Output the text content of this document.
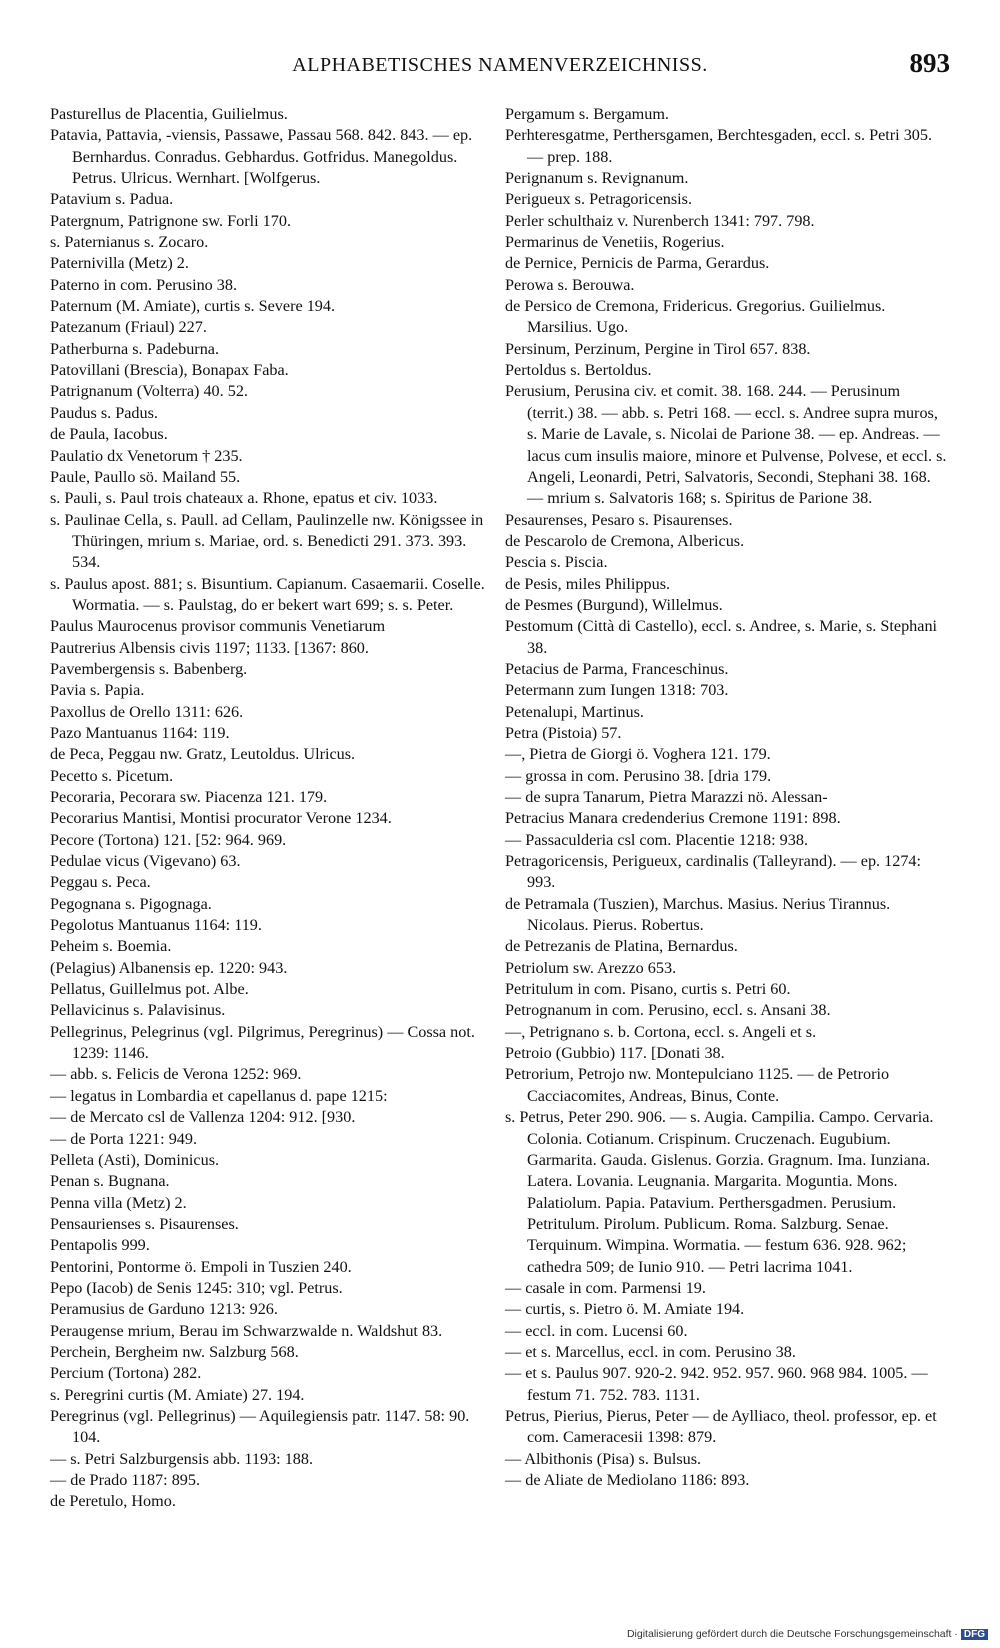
ALPHABETISCHES NAMENVERZEICHNISS.	893

Pasturellus de Placentia, Guilielmus.

Patavia, Pattavia, -viensis, Passawe, Passau 568. 842. 843. — ep. Bernhardus. Conradus. Gebhardus. Gotfridus. Manegoldus. Petrus. Ulricus. Wernhart. [Wolfgerus.

Patavium s. Padua.

Patergnum, Patrignone sw. Forli 170.

s. Paternianus s. Zocaro.

Paternivilla (Metz) 2.

Paterno in com. Perusino 38.

Paternum (M. Amiate), curtis s. Severe 194.

Patezanum (Friaul) 227.

Patherburna s. Padeburna.

Patovillani (Brescia), Bonapax Faba.

Patrignanum (Volterra) 40. 52.

Paudus s. Padus.

de Paula, Iacobus.

Paulatio dx Venetorum † 235.

Paule, Paullo sö. Mailand 55.

s. Pauli, s. Paul trois chateaux a. Rhone, epatus et civ. 1033.

s. Paulinae Cella, s. Paull. ad Cellam, Paulinzelle nw. Königssee in Thüringen, mrium s. Mariae, ord. s. Benedicti 291. 373. 393. 534.

s. Paulus apost. 881; s. Bisuntium. Capianum. Casaemarii. Coselle. Wormatia. — s. Paulstag, do er bekert wart 699; s. s. Peter.

Paulus Maurocenus provisor communis Venetiarum

Pautrerius Albensis civis 1197; 1133. [1367: 860.

Pavembergensis s. Babenberg.

Pavia s. Papia.

Paxollus de Orello 1311: 626.

Pazo Mantuanus 1164: 119.

de Peca, Peggau nw. Gratz, Leutoldus. Ulricus.

Pecetto s. Picetum.

Pecoraria, Pecorara sw. Piacenza 121. 179.

Pecorarius Mantisi, Montisi procurator Verone 1234.

Pecore (Tortona) 121. [52: 964. 969.

Pedulae vicus (Vigevano) 63.

Peggau s. Peca.

Pegognana s. Pigognaga.

Pegolotus Mantuanus 1164: 119.

Peheim s. Boemia.

(Pelagius) Albanensis ep. 1220: 943.

Pellatus, Guillelmus pot. Albe.

Pellavicinus s. Palavisinus.

Pellegrinus, Pelegrinus (vgl. Pilgrimus, Peregrinus) — Cossa not. 1239: 1146.

— abb. s. Felicis de Verona 1252: 969.

— legatus in Lombardia et capellanus d. pape 1215:

— de Mercato csl de Vallenza 1204: 912. [930.

— de Porta 1221: 949.

Pelleta (Asti), Dominicus.

Penan s. Bugnana.

Penna villa (Metz) 2.

Pensaurienses s. Pisaurenses.

Pentapolis 999.

Pentorini, Pontorme ö. Empoli in Tuszien 240.

Pepo (Iacob) de Senis 1245: 310; vgl. Petrus.

Peramusius de Garduno 1213: 926.

Peraugense mrium, Berau im Schwarzwalde n. Waldshut 83.

Perchein, Bergheim nw. Salzburg 568.

Percium (Tortona) 282.

s. Peregrini curtis (M. Amiate) 27. 194.

Peregrinus (vgl. Pellegrinus) — Aquilegiensis patr. 1147. 58: 90. 104.

— s. Petri Salzburgensis abb. 1193: 188.

— de Prado 1187: 895.

de Peretulo, Homo.

Pergamum s. Bergamum.

Perhteresgatme, Perthersgamen, Berchtesgaden, eccl. s. Petri 305. — prep. 188.

Perignanum s. Revignanum.

Perigueux s. Petragoricensis.

Perler schulthaiz v. Nurenberch 1341: 797. 798.

Permarinus de Venetiis, Rogerius.

de Pernice, Pernicis de Parma, Gerardus.

Perowa s. Berouwa.

de Persico de Cremona, Fridericus. Gregorius. Guilielmus. Marsilius. Ugo.

Persinum, Perzinum, Pergine in Tirol 657. 838.

Pertoldus s. Bertoldus.

Perusium, Perusina civ. et comit. 38. 168. 244. — Perusinum (territ.) 38. — abb. s. Petri 168. — eccl. s. Andree supra muros, s. Marie de Lavale, s. Nicolai de Parione 38. — ep. Andreas. — lacus cum insulis maiore, minore et Pulvense, Polvese, et eccl. s. Angeli, Leonardi, Petri, Salvatoris, Secondi, Stephani 38. 168. — mrium s. Salvatoris 168; s. Spiritus de Parione 38.

Pesaurenses, Pesaro s. Pisaurenses.

de Pescarolo de Cremona, Albericus.

Pescia s. Piscia.

de Pesis, miles Philippus.

de Pesmes (Burgund), Willelmus.

Pestomum (Città di Castello), eccl. s. Andree, s. Marie, s. Stephani 38.

Petacius de Parma, Franceschinus.

Petermann zum Iungen 1318: 703.

Petenalupi, Martinus.

Petra (Pistoia) 57.

—, Pietra de Giorgi ö. Voghera 121. 179.

— grossa in com. Perusino 38. [dria 179.

— de supra Tanarum, Pietra Marazzi nö. Alessan-

Petracius Manara credenderius Cremone 1191: 898.

— Passaculderia csl com. Placentie 1218: 938.

Petragoricensis, Perigueux, cardinalis (Talleyrand). — ep. 1274: 993.

de Petramala (Tuszien), Marchus. Masius. Nerius Tirannus. Nicolaus. Pierus. Robertus.

de Petrezanis de Platina, Bernardus.

Petriolum sw. Arezzo 653.

Petritulum in com. Pisano, curtis s. Petri 60.

Petrognanum in com. Perusino, eccl. s. Ansani 38.

—, Petrignano s. b. Cortona, eccl. s. Angeli et s.

Petroio (Gubbio) 117. [Donati 38.

Petrorium, Petrojo nw. Montepulciano 1125. — de Petrorio Cacciacomites, Andreas, Binus, Conte.

s. Petrus, Peter 290. 906. — s. Augia. Campilia. Campo. Cervaria. Colonia. Cotianum. Crispinum. Cruczenach. Eugubium. Garmarita. Gauda. Gislenus. Gorzia. Gragnum. Ima. Iunziana. Latera. Lovania. Leugnania. Margarita. Moguntia. Mons. Palatiolum. Papia. Patavium. Perthersgadmen. Perusium. Petritulum. Pirolum. Publicum. Roma. Salzburg. Senae. Terquinum. Wimpina. Wormatia. — festum 636. 928. 962; cathedra 509; de Iunio 910. — Petri lacrima 1041.

— casale in com. Parmensi 19.

— curtis, s. Pietro ö. M. Amiate 194.

— eccl. in com. Lucensi 60.

— et s. Marcellus, eccl. in com. Perusino 38.

— et s. Paulus 907. 920-2. 942. 952. 957. 960. 968 984. 1005. — festum 71. 752. 783. 1131.

Petrus, Pierius, Pierus, Peter — de Aylliaco, theol. professor, ep. et com. Cameracesii 1398: 879.

— Albithonis (Pisa) s. Bulsus.

— de Aliate de Mediolano 1186: 893.

Digitalisierung gefördert durch die Deutsche Forschungsgemeinschaft · DFG
